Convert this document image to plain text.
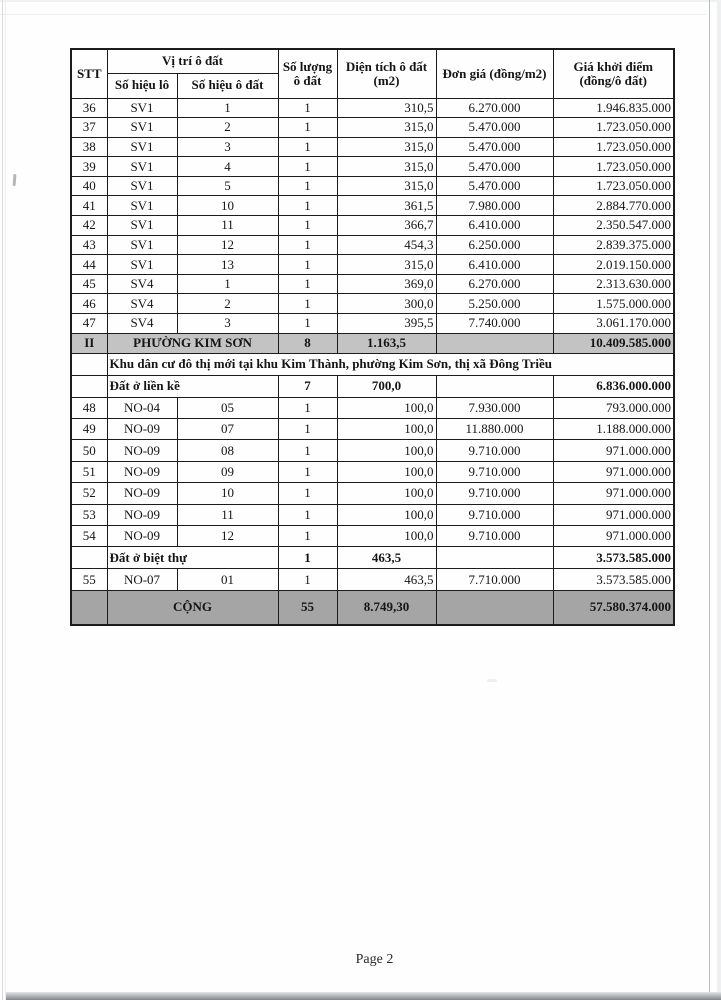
STT	Vị trí ô đất		Số lượng ô đất	Diện tích ô đất (m2)	Đơn giá (đồng/m2)	Giá khởi điểm (đồng/ô đất)
	Số hiệu lô	Số hiệu ô đất				
36	SV1	1	1	310,5	6.270.000	1.946.835.000
37	SV1	2	1	315,0	5.470.000	1.723.050.000
38	SV1	3	1	315,0	5.470.000	1.723.050.000
39	SV1	4	1	315,0	5.470.000	1.723.050.000
40	SV1	5	1	315,0	5.470.000	1.723.050.000
41	SV1	10	1	361,5	7.980.000	2.884.770.000
42	SV1	11	1	366,7	6.410.000	2.350.547.000
43	SV1	12	1	454,3	6.250.000	2.839.375.000
44	SV1	13	1	315,0	6.410.000	2.019.150.000
45	SV4	1	1	369,0	6.270.000	2.313.630.000
46	SV4	2	1	300,0	5.250.000	1.575.000.000
47	SV4	3	1	395,5	7.740.000	3.061.170.000
II	PHƯỜNG KIM SƠN		8	1.163,5		10.409.585.000
	Khu dân cư đô thị mới tại khu Kim Thành, phường Kim Sơn, thị xã Đông Triều					
	Đất ở liền kề		7	700,0		6.836.000.000
48	NO-04	05	1	100,0	7.930.000	793.000.000
49	NO-09	07	1	100,0	11.880.000	1.188.000.000
50	NO-09	08	1	100,0	9.710.000	971.000.000
51	NO-09	09	1	100,0	9.710.000	971.000.000
52	NO-09	10	1	100,0	9.710.000	971.000.000
53	NO-09	11	1	100,0	9.710.000	971.000.000
54	NO-09	12	1	100,0	9.710.000	971.000.000
	Đất ở biệt thự		1	463,5		3.573.585.000
55	NO-07	01	1	463,5	7.710.000	3.573.585.000
	CỘNG		55	8.749,30		57.580.374.000
Page 2
